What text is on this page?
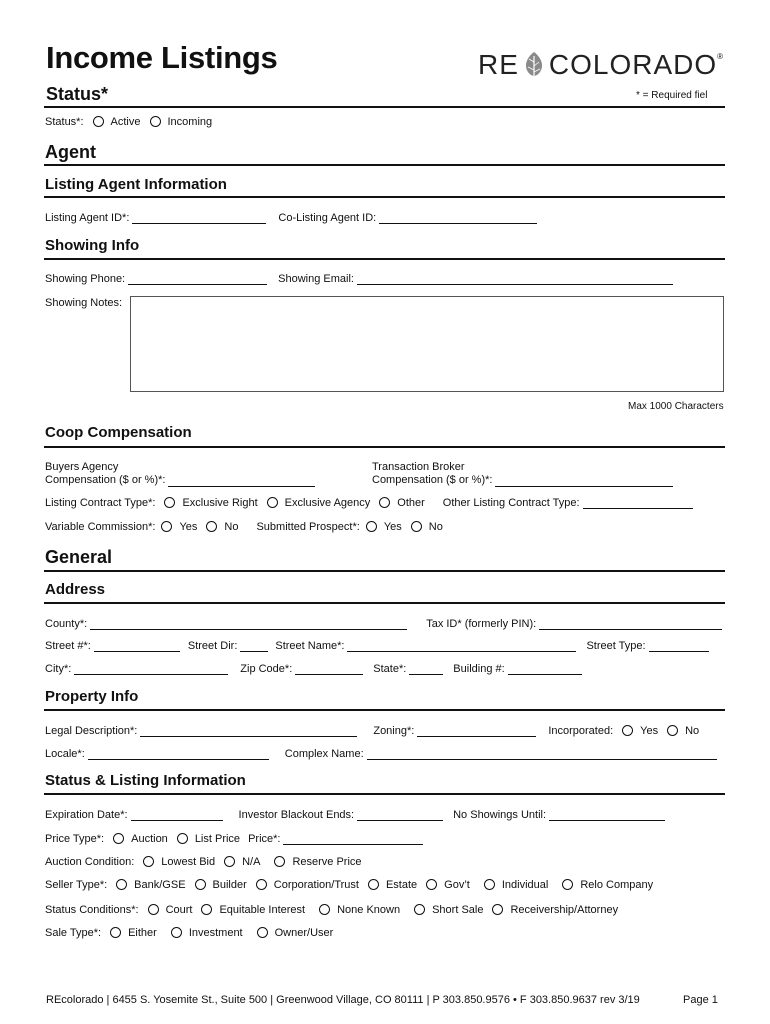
Income Listings	RE COLORADO ®
Status*	* = Required fiel
Status*: Active Incoming
Agent
Listing Agent Information
Listing Agent ID*:	Co-Listing Agent ID:
Showing Info
Showing Phone:	Showing Email:
Showing Notes:
Max 1000 Characters
Coop Compensation
Buyers Agency
Compensation ($ or %)*:
Transaction Broker
Compensation ($ or %)*:
Listing Contract Type*: Exclusive Right Exclusive Agency Other Other Listing Contract Type:
Variable Commission*: Yes No Submitted Prospect*: Yes No
General
Address
County*:	Tax ID* (formerly PIN):
Street #*:	Street Dir:	Street Name*:	Street Type:
City*:	Zip Code*:	State*:	Building #:
Property Info
Legal Description*:	Zoning*:	Incorporated: Yes No
Locale*:	Complex Name:
Status & Listing Information
Expiration Date*:	Investor Blackout Ends:	No Showings Until:
Price Type*: Auction List Price Price*:
Auction Condition: Lowest Bid N/A	Reserve Price
Seller Type*: Bank/GSE Builder Corporation/Trust Estate Gov’t	Individual	Relo Company
Status Conditions*: Court Equitable Interest	None Known	Short Sale Receivership/Attorney
Sale Type*: Either	Investment	Owner/User
REcolorado | 6455 S. Yosemite St., Suite 500 | Greenwood Village, CO 80111 | P 303.850.9576 • F 303.850.9637 rev 3/19	Page 1
